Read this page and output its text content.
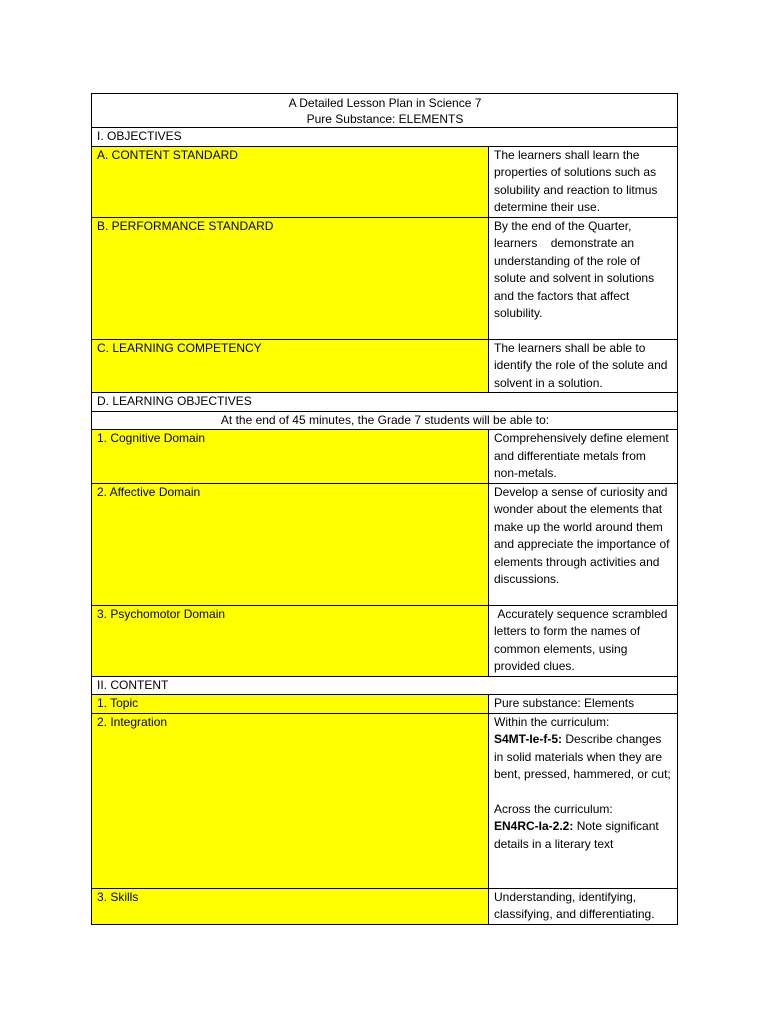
A Detailed Lesson Plan in Science 7
Pure Substance: ELEMENTS	

I. OBJECTIVES	
A. CONTENT STANDARD	The learners shall learn the properties of solutions such as solubility and reaction to litmus determine their use.
B. PERFORMANCE STANDARD	By the end of the Quarter, learners    demonstrate an understanding of the role of solute and solvent in solutions and the factors that affect solubility.
C. LEARNING COMPETENCY	The learners shall be able to identify the role of the solute and solvent in a solution.
D. LEARNING OBJECTIVES	
At the end of 45 minutes, the Grade 7 students will be able to:	
1. Cognitive Domain	Comprehensively define element and differentiate metals from non-metals.
2. Affective Domain	Develop a sense of curiosity and wonder about the elements that make up the world around them and appreciate the importance of elements through activities and discussions.
3. Psychomotor Domain	Accurately sequence scrambled letters to form the names of common elements, using provided clues.
II. CONTENT	
1. Topic	Pure substance: Elements
2. Integration	Within the curriculum:
S4MT-Ie-f-5: Describe changes in solid materials when they are bent, pressed, hammered, or cut;
Across the curriculum:
EN4RC-Ia-2.2: Note significant details in a literary text

3. Skills	Understanding, identifying, classifying, and differentiating.
